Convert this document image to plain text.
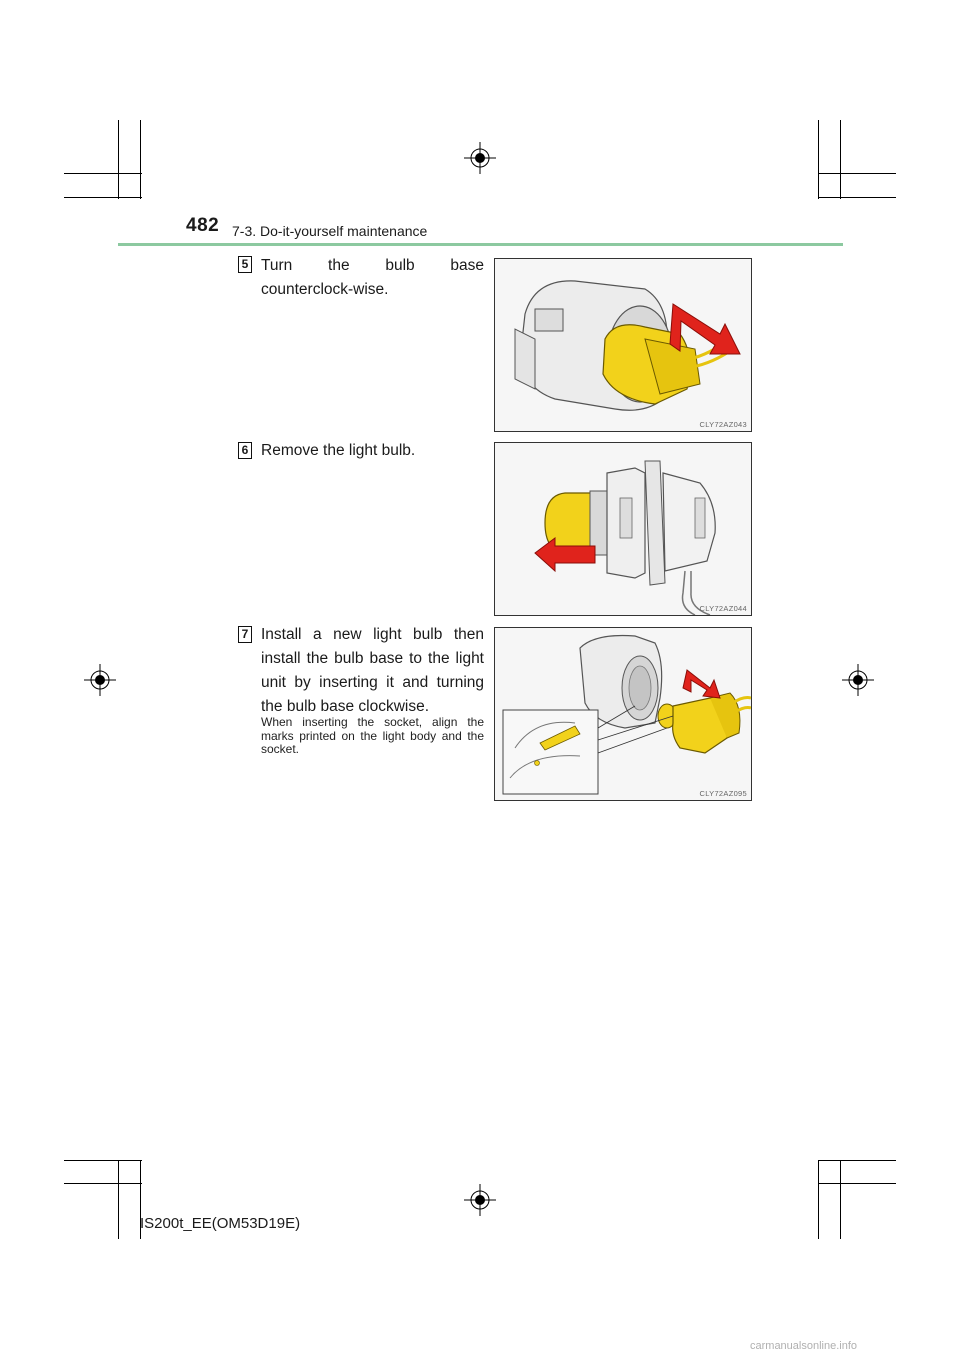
482 7-3. Do-it-yourself maintenance
5 Turn the bulb base counterclock-wise.
CLY72AZ043
6 Remove the light bulb.
CLY72AZ044
7 Install a new light bulb then install the bulb base to the light unit by inserting it and turning the bulb base clockwise.
When inserting the socket, align the marks printed on the light body and the socket.
CLY72AZ095
IS200t_EE(OM53D19E)
carmanualsonline.info
